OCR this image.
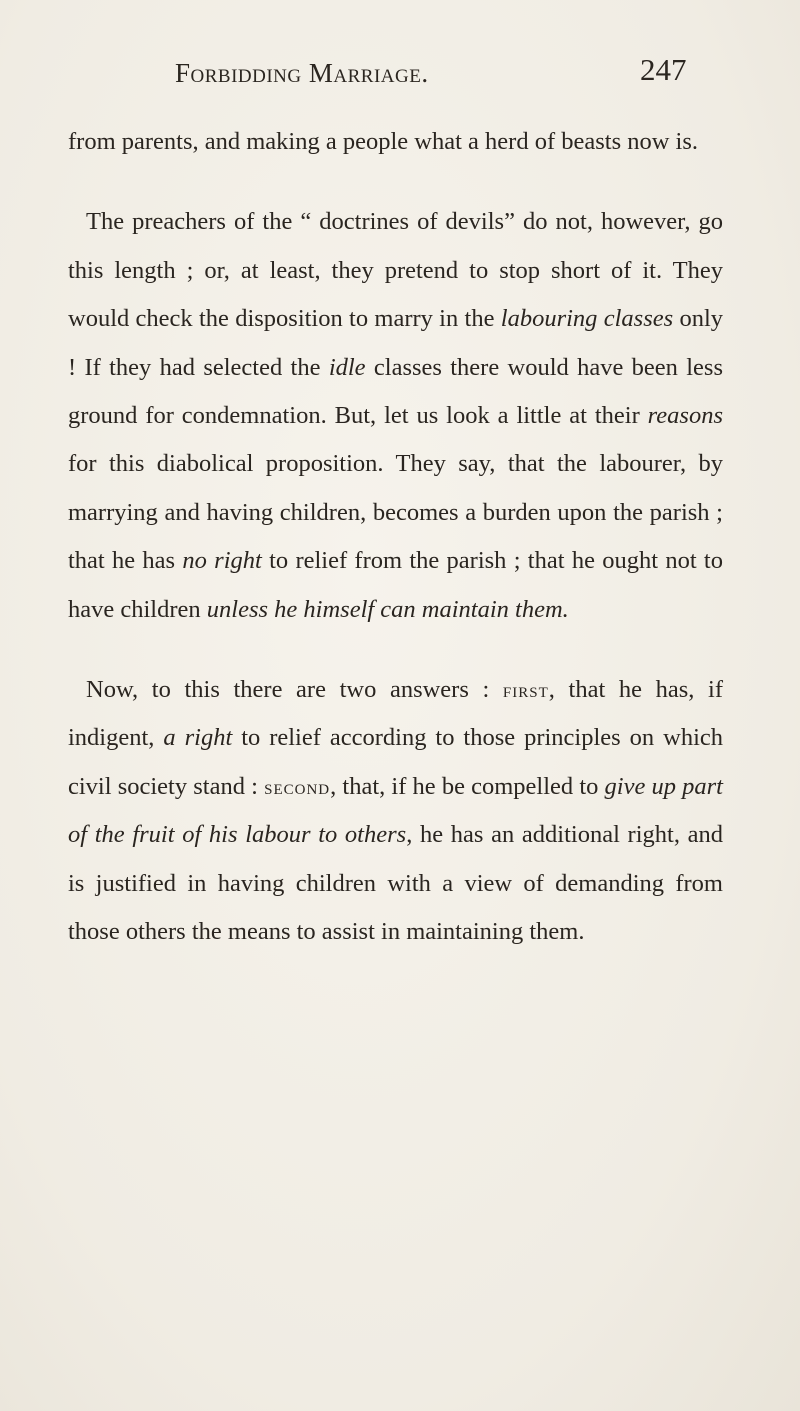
Forbidding Marriage.	247

from parents, and making a people what a herd of beasts now is.

The preachers of the “ doctrines of devils” do not, however, go this length ; or, at least, they pretend to stop short of it. They would check the disposition to marry in the labouring classes only ! If they had selected the idle classes there would have been less ground for condemnation. But, let us look a little at their reasons for this diabolical proposition. They say, that the labourer, by marrying and having children, becomes a burden upon the parish ; that he has no right to relief from the parish ; that he ought not to have children unless he himself can maintain them.

Now, to this there are two answers : first, that he has, if indigent, a right to relief according to those principles on which civil society stand : second, that, if he be compelled to give up part of the fruit of his labour to others, he has an additional right, and is justified in having children with a view of demanding from those others the means to assist in maintaining them.
